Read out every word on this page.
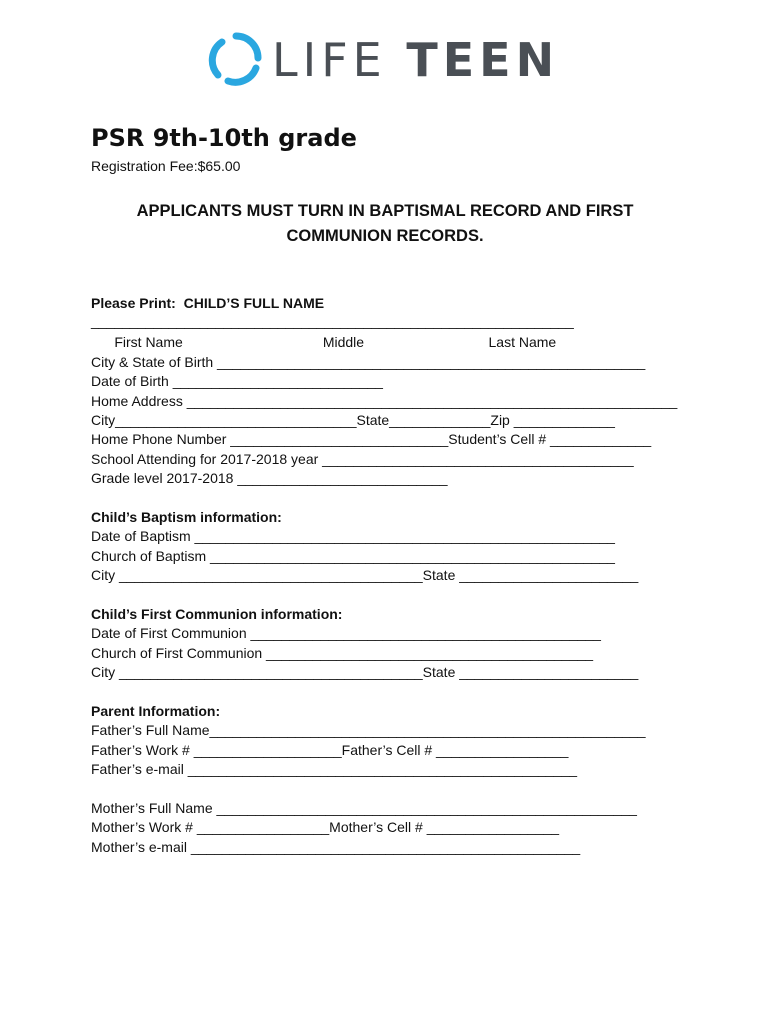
LIFE TEEN
PSR 9th-10th grade
Registration Fee:$65.00
APPLICANTS MUST TURN IN BAPTISMAL RECORD AND FIRST
COMMUNION RECORDS.
Please Print:  CHILD’S FULL NAME
______________________________________________________________
First Name                                    Middle                                Last Name
City & State of Birth _______________________________________________________
Date of Birth ___________________________
Home Address _______________________________________________________________
City_______________________________State_____________Zip _____________
Home Phone Number ____________________________Student’s Cell # _____________
School Attending for 2017-2018 year ________________________________________
Grade level 2017-2018 ___________________________
Child’s Baptism information:
Date of Baptism ______________________________________________________
Church of Baptism ____________________________________________________
City _______________________________________State _______________________
Child’s First Communion information:
Date of First Communion _____________________________________________
Church of First Communion __________________________________________
City _______________________________________State _______________________
Parent Information:
Father’s Full Name________________________________________________________
Father’s Work # ___________________Father’s Cell # _________________
Father’s e-mail __________________________________________________
Mother’s Full Name ______________________________________________________
Mother’s Work # _________________Mother’s Cell # _________________
Mother’s e-mail __________________________________________________
